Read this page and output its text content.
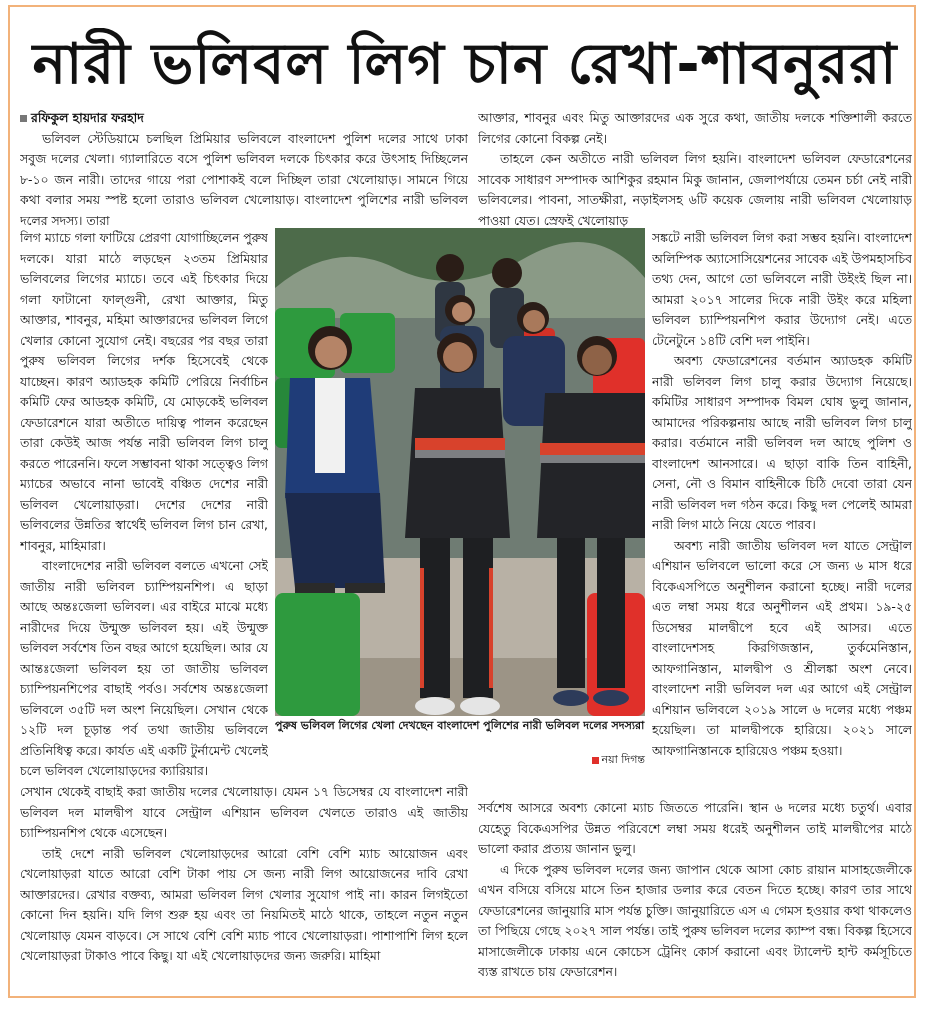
নারী ভলিবল লিগ চান রেখা-শাবনুররা

রফিকুল হায়দার ফরহাদ

ভলিবল স্টেডিয়ামে চলছিল প্রিমিয়ার ভলিবলে বাংলাদেশ পুলিশ দলের সাথে ঢাকা সবুজ দলের খেলা। গ্যালারিতে বসে পুলিশ ভলিবল দলকে চিৎকার করে উৎসাহ দিচ্ছিলেন ৮-১০ জন নারী। তাদের গায়ে পরা পোশাকই বলে দিচ্ছিল তারা খেলোয়াড়। সামনে গিয়ে কথা বলার সময় স্পষ্ট হলো তারাও ভলিবল খেলোয়াড়। বাংলাদেশ পুলিশের নারী ভলিবল দলের সদস্য। তারা

লিগ ম্যাচে গলা ফাটিয়ে প্রেরণা যোগাচ্ছিলেন পুরুষ দলকে। যারা মাঠে লড়ছেন ২৩তম প্রিমিয়ার ভলিবলের লিগের ম্যাচে। তবে এই চিৎকার দিয়ে গলা ফাটানো ফাল্গুনী, রেখা আক্তার, মিতু আক্তার, শাবনুর, মহিমা আক্তারদের ভলিবল লিগে খেলার কোনো সুযোগ নেই। বছরের পর বছর তারা পুরুষ ভলিবল লিগের দর্শক হিসেবেই থেকে যাচ্ছেন। কারণ অ্যাডহক কমিটি পেরিয়ে নির্বাচিন কমিটি ফের আডহক কমিটি, যে মোড়কেই ভলিবল ফেডারেশনে যারা অতীতে দায়িত্ব পালন করেছেন তারা কেউই আজ পর্যন্ত নারী ভলিবল লিগ চালু করতে পারেননি। ফলে সম্ভাবনা থাকা সত্ত্বেও লিগ ম্যাচের অভাবে নানা ভাবেই বঞ্চিত দেশের নারী ভলিবল খেলোয়াড়রা। দেশের দেশের নারী ভলিবলের উন্নতির স্বার্থেই ভলিবল লিগ চান রেখা, শাবনুর, মাহিমারা।

বাংলাদেশের নারী ভলিবল বলতে এখনো সেই জাতীয় নারী ভলিবল চ্যাম্পিয়নশিপ। এ ছাড়া আছে অন্তঃজেলা ভলিবল। এর বাইরে মাঝে মধ্যে নারীদের দিয়ে উন্মুক্ত ভলিবল হয়। এই উন্মুক্ত ভলিবল সর্বশেষ তিন বছর আগে হয়েছিল। আর যে আন্তঃজেলা ভলিবল হয় তা জাতীয় ভলিবল চ্যাম্পিয়নশিপের বাছাই পর্বও। সর্বশেষ অন্তঃজেলা ভলিবলে ৩৫টি দল অংশ নিয়েছিল। সেখান থেকে ১২টি দল চূড়ান্ত পর্ব তথা জাতীয় ভলিবলে প্রতিনিধিত্ব করে। কার্যত এই একটি টুর্নামেন্ট খেলেই চলে ভলিবল খেলোয়াড়দের ক্যারিয়ার।

সেখান থেকেই বাছাই করা জাতীয় দলের খেলোয়াড়। যেমন ১৭ ডিসেম্বর যে বাংলাদেশ নারী ভলিবল দল মালদ্বীপ যাবে সেন্ট্রাল এশিয়ান ভলিবল খেলতে তারাও এই জাতীয় চ্যাম্পিয়নশিপ থেকে এসেছেন।

তাই দেশে নারী ভলিবল খেলোয়াড়দের আরো বেশি বেশি ম্যাচ আয়োজন এবং খেলোয়াড়রা যাতে আরো বেশি টাকা পায় সে জন্য নারী লিগ আয়োজনের দাবি রেখা আক্তারদের। রেখার বক্তব্য, আমরা ভলিবল লিগ খেলার সুযোগ পাই না। কারন লিগইতো কোনো দিন হয়নি। যদি লিগ শুরু হয় এবং তা নিয়মিতই মাঠে থাকে, তাহলে নতুন নতুন খেলোয়াড় যেমন বাড়বে। সে সাথে বেশি বেশি ম্যাচ পাবে খেলোয়াড়রা। পাশাপাশি লিগ হলে খেলোয়াড়রা টাকাও পাবে কিছু। যা এই খেলোয়াড়দের জন্য জরুরি। মাহিমা

আক্তার, শাবনুর এবং মিতু আক্তারদের এক সুরে কথা, জাতীয় দলকে শক্তিশালী করতে লিগের কোনো বিকল্প নেই।

তাহলে কেন অতীতে নারী ভলিবল লিগ হয়নি। বাংলাদেশ ভলিবল ফেডারেশনের সাবেক সাধারণ সম্পাদক আশিকুর রহমান মিকু জানান, জেলাপর্যায়ে তেমন চর্চা নেই নারী ভলিবলের। পাবনা, সাতক্ষীরা, নড়াইলসহ ৬টি কয়েক জেলায় নারী ভলিবল খেলোয়াড় পাওয়া যেত। স্রেফই খেলোয়াড়

সঙ্কটে নারী ভলিবল লিগ করা সম্ভব হয়নি। বাংলাদেশ অলিম্পিক অ্যাসোসিয়েশনের সাবেক এই উপমহাসচিব তথ্য দেন, আগে তো ভলিবলে নারী উইংই ছিল না। আমরা ২০১৭ সালের দিকে নারী উইং করে মহিলা ভলিবল চ্যাম্পিয়নশিপ করার উদ্যোগ নেই। এতে টেনেটুনে ১৪টি বেশি দল পাইনি।

অবশ্য ফেডারেশনের বর্তমান অ্যাডহক কমিটি নারী ভলিবল লিগ চালু করার উদ্যোগ নিয়েছে। কমিটির সাধারণ সম্পাদক বিমল ঘোষ ভুলু জানান, আমাদের পরিকল্পনায় আছে নারী ভলিবল লিগ চালু করার। বর্তমানে নারী ভলিবল দল আছে পুলিশ ও বাংলাদেশ আনসারে। এ ছাড়া বাকি তিন বাহিনী, সেনা, নৌ ও বিমান বাহিনীকে চিঠি দেবো তারা যেন নারী ভলিবল দল গঠন করে। কিছু দল পেলেই আমরা নারী লিগ মাঠে নিয়ে যেতে পারব।

অবশ্য নারী জাতীয় ভলিবল দল যাতে সেন্ট্রাল এশিয়ান ভলিবলে ভালো করে সে জন্য ৬ মাস ধরে বিকেএসপিতে অনুশীলন করানো হচ্ছে। নারী দলের এত লম্বা সময় ধরে অনুশীলন এই প্রথম। ১৯-২৫ ডিসেম্বর মালদ্বীপে হবে এই আসর। এতে বাংলাদেশসহ কিরগিজস্তান, তুর্কমেনিস্তান, আফগানিস্তান, মালদ্বীপ ও শ্রীলঙ্কা অংশ নেবে। বাংলাদেশ নারী ভলিবল দল এর আগে এই সেন্ট্রাল এশিয়ান ভলিবলে ২০১৯ সালে ৬ দলের মধ্যে পঞ্চম হয়েছিল। তা মালদ্বীপকে হারিয়ে। ২০২১ সালে আফগানিস্তানকে হারিয়েও পঞ্চম হওয়া।

সর্বশেষ আসরে অবশ্য কোনো ম্যাচ জিততে পারেনি। স্থান ৬ দলের মধ্যে চতুর্থ। এবার যেহেতু বিকেএসপির উন্নত পরিবেশে লম্বা সময় ধরেই অনুশীলন তাই মালদ্বীপের মাঠে ভালো করার প্রত্যয় জানান ভুলু।

এ দিকে পুরুষ ভলিবল দলের জন্য জাপান থেকে আসা কোচ রায়ান মাসাহজেলীকে এখন বসিয়ে বসিয়ে মাসে তিন হাজার ডলার করে বেতন দিতে হচ্ছে। কারণ তার সাথে ফেডারেশনের জানুয়ারি মাস পর্যন্ত চুক্তি। জানুয়ারিতে এস এ গেমস হওয়ার কথা থাকলেও তা পিছিয়ে গেছে ২০২৭ সাল পর্যন্ত। তাই পুরুষ ভলিবল দলের ক্যাম্প বন্ধ। বিকল্প হিসেবে মাসাজেলীকে ঢাকায় এনে কোচেস ট্রেনিং কোর্স করানো এবং ট্যালেন্ট হান্ট কর্মসূচিতে ব্যস্ত রাখতে চায় ফেডারেশন।

পুরুষ ভলিবল লিগের খেলা দেখছেন বাংলাদেশ পুলিশের নারী ভলিবল দলের সদস্যরা
নয়া দিগন্ত
